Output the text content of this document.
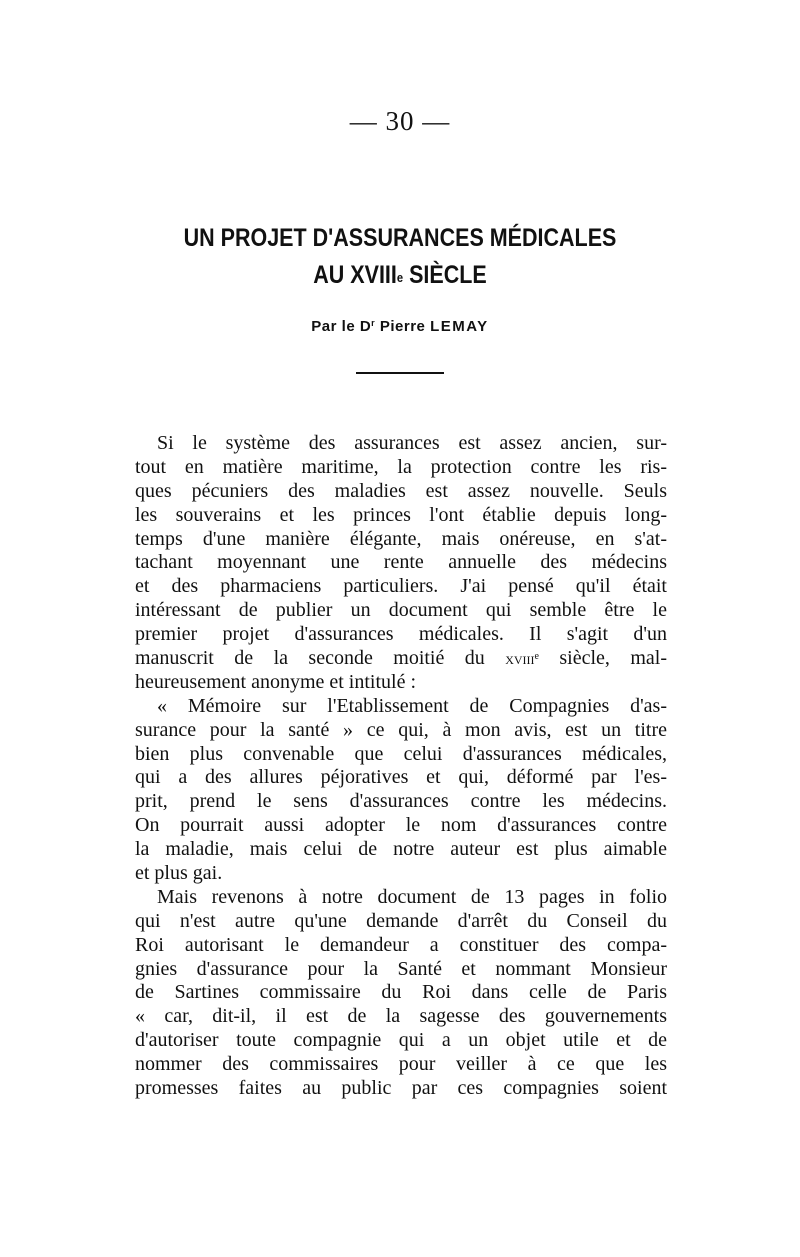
— 30 —
UN PROJET D'ASSURANCES MÉDICALES
AU XVIIIe SIÈCLE
Par le $D^r$ Pierre LEMAY
Si le système des assurances est assez ancien, sur-
tout en matière maritime, la protection contre les ris-
ques pécuniers des maladies est assez nouvelle. Seuls
les souverains et les princes l'ont établie depuis long-
temps d'une manière élégante, mais onéreuse, en s'at-
tachant moyennant une rente annuelle des médecins
et des pharmaciens particuliers. J'ai pensé qu'il était
intéressant de publier un document qui semble être le
premier projet d'assurances médicales. Il s'agit d'un
manuscrit de la seconde moitié du xviii$^e$ siècle, mal-
heureusement anonyme et intitulé :
« Mémoire sur l'Etablissement de Compagnies d'as-
surance pour la santé » ce qui, à mon avis, est un titre
bien plus convenable que celui d'assurances médicales,
qui a des allures péjoratives et qui, déformé par l'es-
prit, prend le sens d'assurances contre les médecins.
On pourrait aussi adopter le nom d'assurances contre
la maladie, mais celui de notre auteur est plus aimable
et plus gai.
Mais revenons à notre document de 13 pages in folio
qui n'est autre qu'une demande d'arrêt du Conseil du
Roi autorisant le demandeur a constituer des compa-
gnies d'assurance pour la Santé et nommant Monsieur
de Sartines commissaire du Roi dans celle de Paris
« car, dit-il, il est de la sagesse des gouvernements
d'autoriser toute compagnie qui a un objet utile et de
nommer des commissaires pour veiller à ce que les
promesses faites au public par ces compagnies soient
